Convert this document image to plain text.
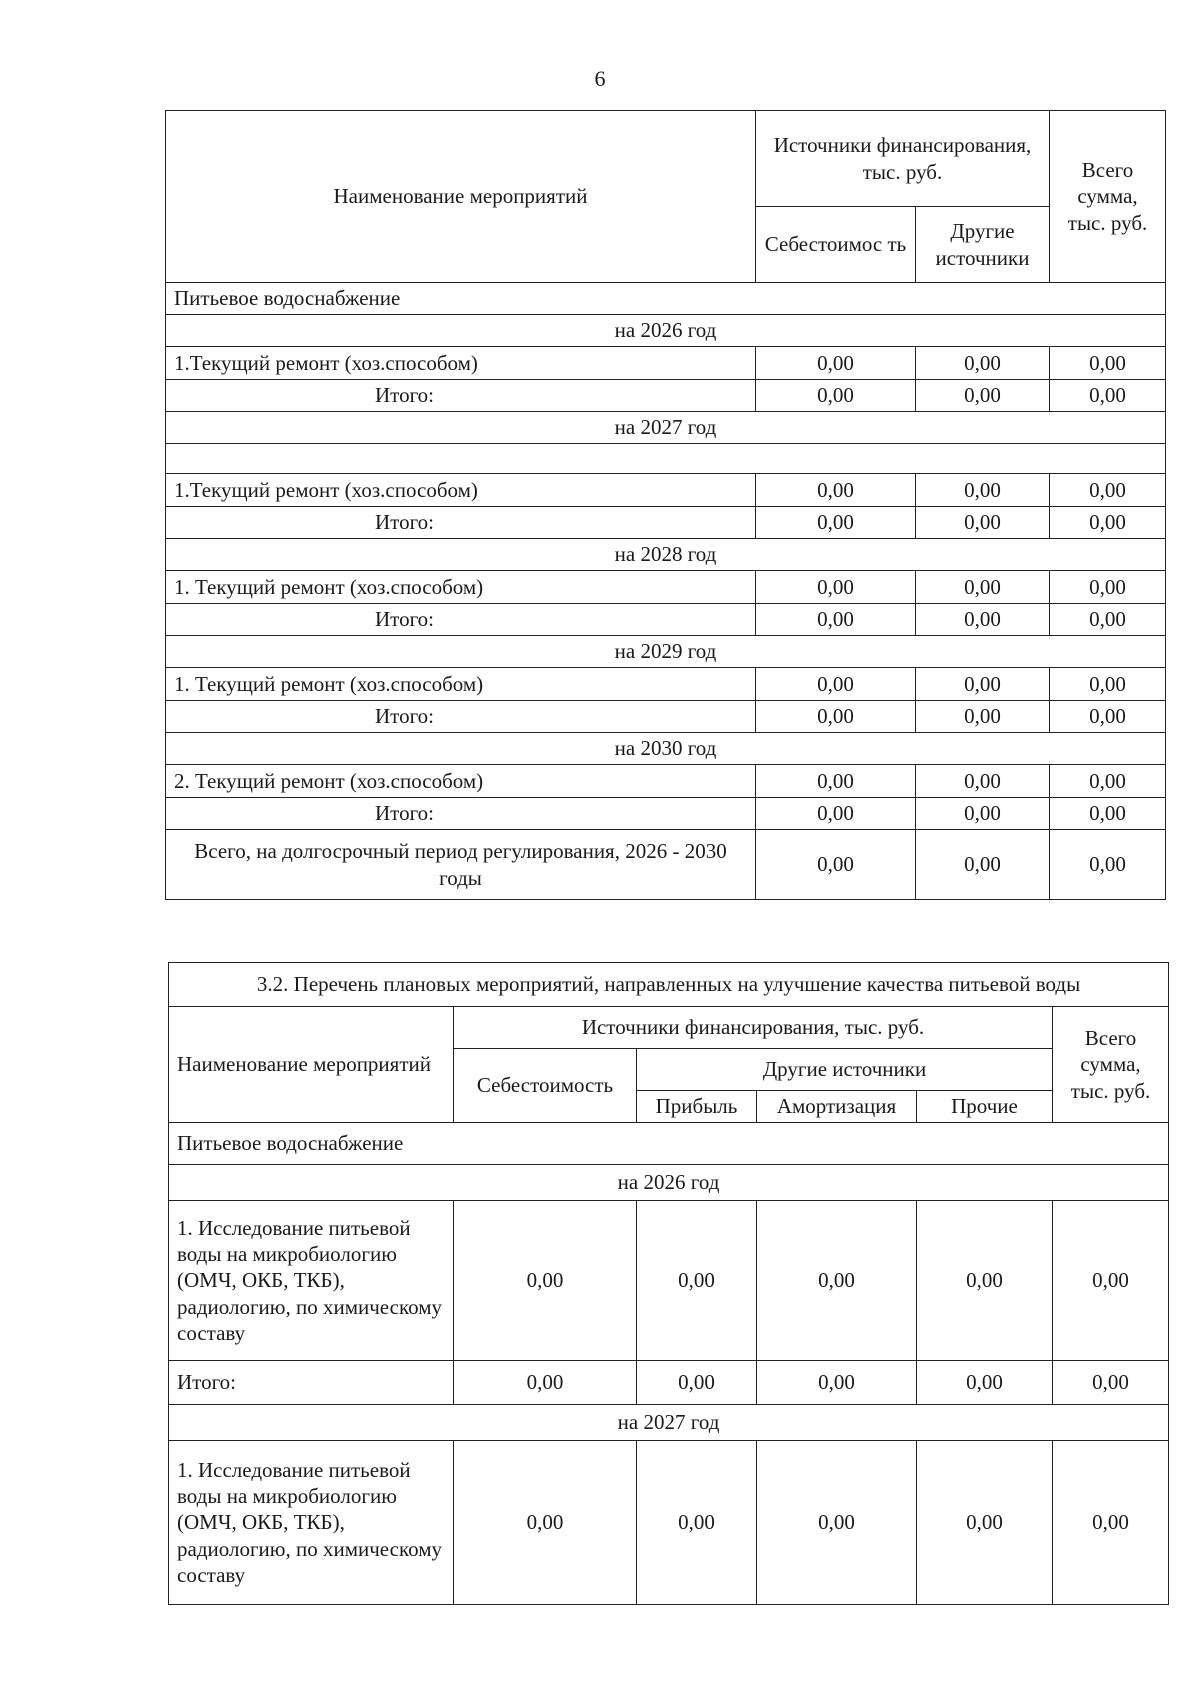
6
Наименование мероприятий	Источники финансирования, тыс. руб.		Всего сумма, тыс. руб.
	Себестоимос ть	Другие источники	
Питьевое водоснабжение			
на 2026 год			
1.Текущий ремонт (хоз.способом)	0,00	0,00	0,00
Итого:	0,00	0,00	0,00
на 2027 год			

1.Текущий ремонт (хоз.способом)	0,00	0,00	0,00
Итого:	0,00	0,00	0,00
на 2028 год			
1. Текущий ремонт (хоз.способом)	0,00	0,00	0,00
Итого:	0,00	0,00	0,00
на 2029 год			
1. Текущий ремонт (хоз.способом)	0,00	0,00	0,00
Итого:	0,00	0,00	0,00
на 2030 год			
2. Текущий ремонт (хоз.способом)	0,00	0,00	0,00
Итого:	0,00	0,00	0,00
Всего, на долгосрочный период регулирования, 2026 - 2030 годы	0,00	0,00	0,00
3.2. Перечень плановых мероприятий, направленных на улучшение качества питьевой воды					
Наименование мероприятий	Источники финансирования, тыс. руб.				Всего сумма, тыс. руб.
	Себестоимость	Другие источники			
		Прибыль	Амортизация	Прочие	
Питьевое водоснабжение					
на 2026 год					
1. Исследование питьевой воды на микробиологию (ОМЧ, ОКБ, ТКБ), радиологию, по химическому составу	0,00	0,00	0,00	0,00	0,00
Итого:	0,00	0,00	0,00	0,00	0,00
на 2027 год					
1. Исследование питьевой воды на микробиологию (ОМЧ, ОКБ, ТКБ), радиологию, по химическому составу	0,00	0,00	0,00	0,00	0,00
